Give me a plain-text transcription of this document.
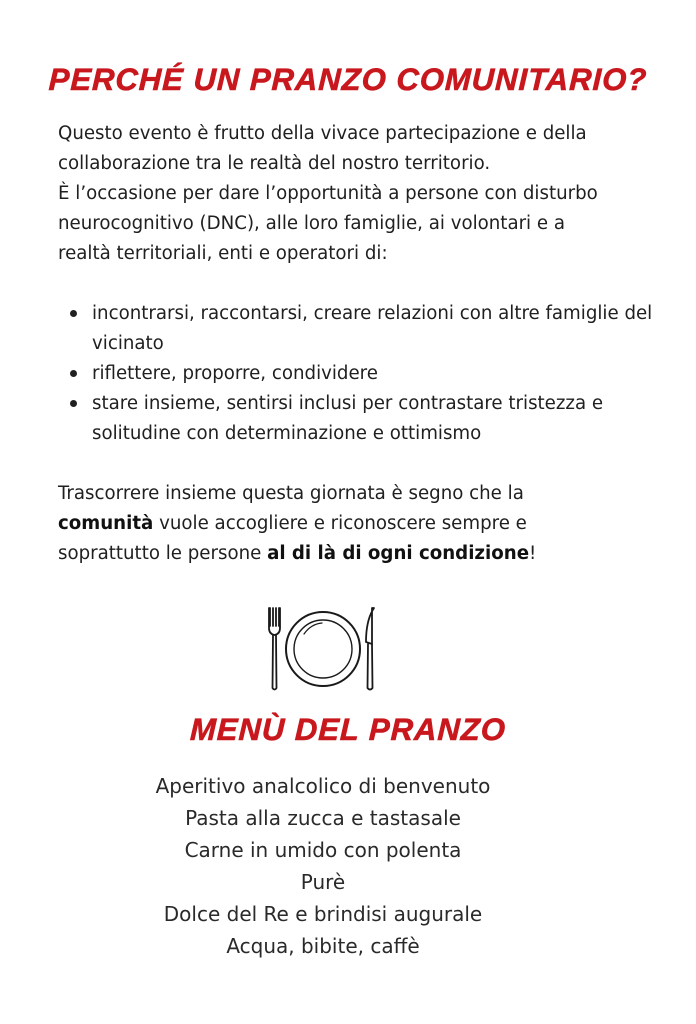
PERCHÉ UN PRANZO COMUNITARIO?
Questo evento è frutto della vivace partecipazione e della
collaborazione tra le realtà del nostro territorio.
È l’occasione per dare l’opportunità a persone con disturbo
neurocognitivo (DNC), alle loro famiglie, ai volontari e a
realtà territoriali, enti e operatori di:
incontrarsi, raccontarsi, creare relazioni con altre famiglie del vicinato
riflettere, proporre, condividere
stare insieme, sentirsi inclusi per contrastare tristezza e solitudine con determinazione e ottimismo
Trascorrere insieme questa giornata è segno che la
comunità vuole accogliere e riconoscere sempre e
soprattutto le persone al di là di ogni condizione!
MENÙ DEL PRANZO
Aperitivo analcolico di benvenuto
Pasta alla zucca e tastasale
Carne in umido con polenta
Purè
Dolce del Re e brindisi augurale
Acqua, bibite, caffè
